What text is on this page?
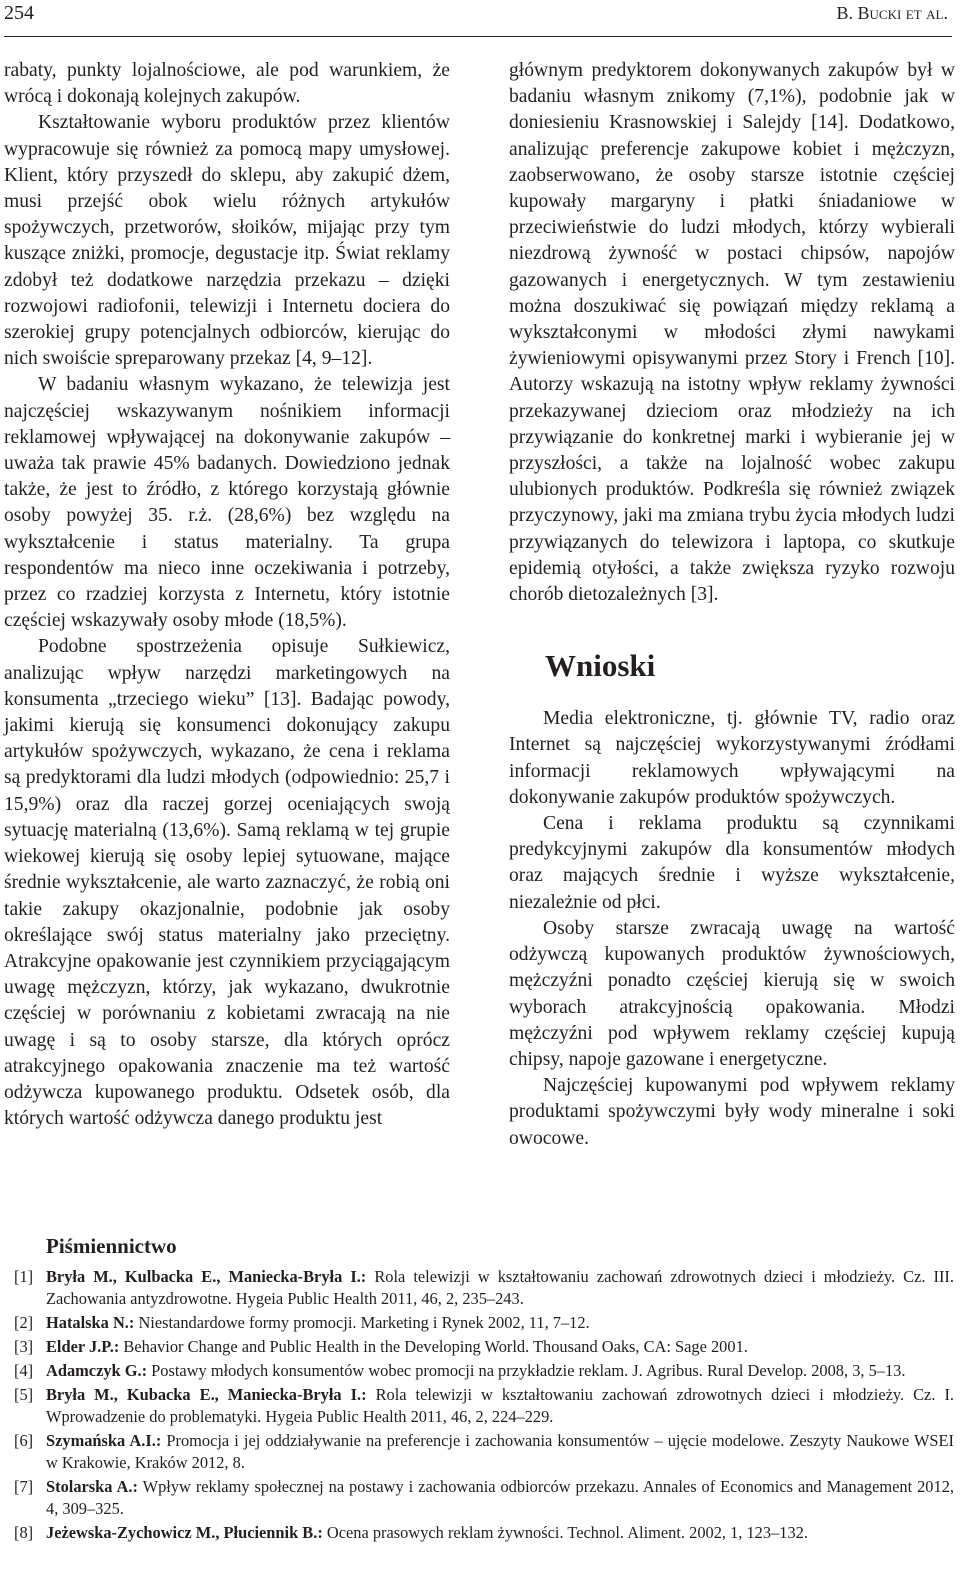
254	B. Bucki et al.

rabaty, punkty lojalnościowe, ale pod warunkiem, że wrócą i dokonają kolejnych zakupów.

Kształtowanie wyboru produktów przez klientów wypracowuje się również za pomocą mapy umysłowej. Klient, który przyszedł do sklepu, aby zakupić dżem, musi przejść obok wielu różnych artykułów spożywczych, przetworów, słoików, mijając przy tym kuszące zniżki, promocje, degustacje itp. Świat reklamy zdobył też dodatkowe narzędzia przekazu – dzięki rozwojowi radiofonii, telewizji i Internetu dociera do szerokiej grupy potencjalnych odbiorców, kierując do nich swoiście spreparowany przekaz [4, 9–12].

W badaniu własnym wykazano, że telewizja jest najczęściej wskazywanym nośnikiem informacji reklamowej wpływającej na dokonywanie zakupów – uważa tak prawie 45% badanych. Dowiedziono jednak także, że jest to źródło, z którego korzystają głównie osoby powyżej 35. r.ż. (28,6%) bez względu na wykształcenie i status materialny. Ta grupa respondentów ma nieco inne oczekiwania i potrzeby, przez co rzadziej korzysta z Internetu, który istotnie częściej wskazywały osoby młode (18,5%).

Podobne spostrzeżenia opisuje Sułkiewicz, analizując wpływ narzędzi marketingowych na konsumenta „trzeciego wieku” [13]. Badając powody, jakimi kierują się konsumenci dokonujący zakupu artykułów spożywczych, wykazano, że cena i reklama są predyktorami dla ludzi młodych (odpowiednio: 25,7 i 15,9%) oraz dla raczej gorzej oceniających swoją sytuację materialną (13,6%). Samą reklamą w tej grupie wiekowej kierują się osoby lepiej sytuowane, mające średnie wykształcenie, ale warto zaznaczyć, że robią oni takie zakupy okazjonalnie, podobnie jak osoby określające swój status materialny jako przeciętny. Atrakcyjne opakowanie jest czynnikiem przyciągającym uwagę mężczyzn, którzy, jak wykazano, dwukrotnie częściej w porównaniu z kobietami zwracają na nie uwagę i są to osoby starsze, dla których oprócz atrakcyjnego opakowania znaczenie ma też wartość odżywcza kupowanego produktu. Odsetek osób, dla których wartość odżywcza danego produktu jest

głównym predyktorem dokonywanych zakupów był w badaniu własnym znikomy (7,1%), podobnie jak w doniesieniu Krasnowskiej i Salejdy [14]. Dodatkowo, analizując preferencje zakupowe kobiet i mężczyzn, zaobserwowano, że osoby starsze istotnie częściej kupowały margaryny i płatki śniadaniowe w przeciwieństwie do ludzi młodych, którzy wybierali niezdrową żywność w postaci chipsów, napojów gazowanych i energetycznych. W tym zestawieniu można doszukiwać się powiązań między reklamą a wykształconymi w młodości złymi nawykami żywieniowymi opisywanymi przez Story i French [10]. Autorzy wskazują na istotny wpływ reklamy żywności przekazywanej dzieciom oraz młodzieży na ich przywiązanie do konkretnej marki i wybieranie jej w przyszłości, a także na lojalność wobec zakupu ulubionych produktów. Podkreśla się również związek przyczynowy, jaki ma zmiana trybu życia młodych ludzi przywiązanych do telewizora i laptopa, co skutkuje epidemią otyłości, a także zwiększa ryzyko rozwoju chorób dietozależnych [3].

Wnioski

Media elektroniczne, tj. głównie TV, radio oraz Internet są najczęściej wykorzystywanymi źródłami informacji reklamowych wpływającymi na dokonywanie zakupów produktów spożywczych.

Cena i reklama produktu są czynnikami predykcyjnymi zakupów dla konsumentów młodych oraz mających średnie i wyższe wykształcenie, niezależnie od płci.

Osoby starsze zwracają uwagę na wartość odżywczą kupowanych produktów żywnościowych, mężczyźni ponadto częściej kierują się w swoich wyborach atrakcyjnością opakowania. Młodzi mężczyźni pod wpływem reklamy częściej kupują chipsy, napoje gazowane i energetyczne.

Najczęściej kupowanymi pod wpływem reklamy produktami spożywczymi były wody mineralne i soki owocowe.

Piśmiennictwo
[1] Bryła M., Kulbacka E., Maniecka-Bryła I.: Rola telewizji w kształtowaniu zachowań zdrowotnych dzieci i młodzieży. Cz. III. Zachowania antyzdrowotne. Hygeia Public Health 2011, 46, 2, 235–243.
[2] Hatalska N.: Niestandardowe formy promocji. Marketing i Rynek 2002, 11, 7–12.
[3] Elder J.P.: Behavior Change and Public Health in the Developing World. Thousand Oaks, CA: Sage 2001.
[4] Adamczyk G.: Postawy młodych konsumentów wobec promocji na przykładzie reklam. J. Agribus. Rural Develop. 2008, 3, 5–13.
[5] Bryła M., Kubacka E., Maniecka-Bryła I.: Rola telewizji w kształtowaniu zachowań zdrowotnych dzieci i młodzieży. Cz. I. Wprowadzenie do problematyki. Hygeia Public Health 2011, 46, 2, 224–229.
[6] Szymańska A.I.: Promocja i jej oddziaływanie na preferencje i zachowania konsumentów – ujęcie modelowe. Zeszyty Naukowe WSEI w Krakowie, Kraków 2012, 8.
[7] Stolarska A.: Wpływ reklamy społecznej na postawy i zachowania odbiorców przekazu. Annales of Economics and Management 2012, 4, 309–325.
[8] Jeżewska-Zychowicz M., Płuciennik B.: Ocena prasowych reklam żywności. Technol. Aliment. 2002, 1, 123–132.
